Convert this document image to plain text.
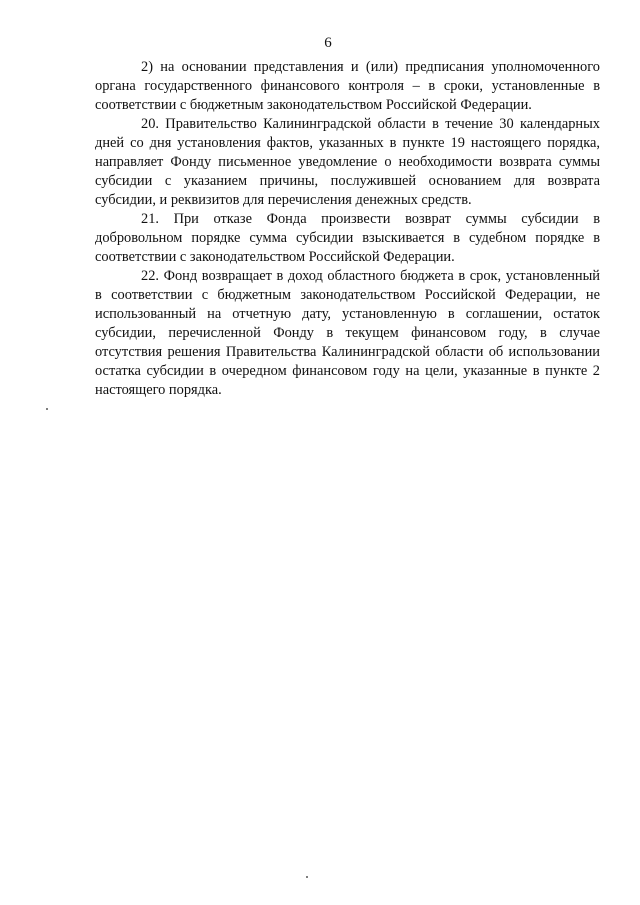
6

2) на основании представления и (или) предписания уполномоченного органа государственного финансового контроля – в сроки, установленные в соответствии с бюджетным законодательством Российской Федерации.

20. Правительство Калининградской области в течение 30 календарных дней со дня установления фактов, указанных в пункте 19 настоящего порядка, направляет Фонду письменное уведомление о необходимости возврата суммы субсидии с указанием причины, послужившей основанием для возврата субсидии, и реквизитов для перечисления денежных средств.

21. При отказе Фонда произвести возврат суммы субсидии в добровольном порядке сумма субсидии взыскивается в судебном порядке в соответствии с законодательством Российской Федерации.

22. Фонд возвращает в доход областного бюджета в срок, установленный в соответствии с бюджетным законодательством Российской Федерации, не использованный на отчетную дату, установленную в соглашении, остаток субсидии, перечисленной Фонду в текущем финансовом году, в случае отсутствия решения Правительства Калининградской области об использовании остатка субсидии в очередном финансовом году на цели, указанные в пункте 2 настоящего порядка.
